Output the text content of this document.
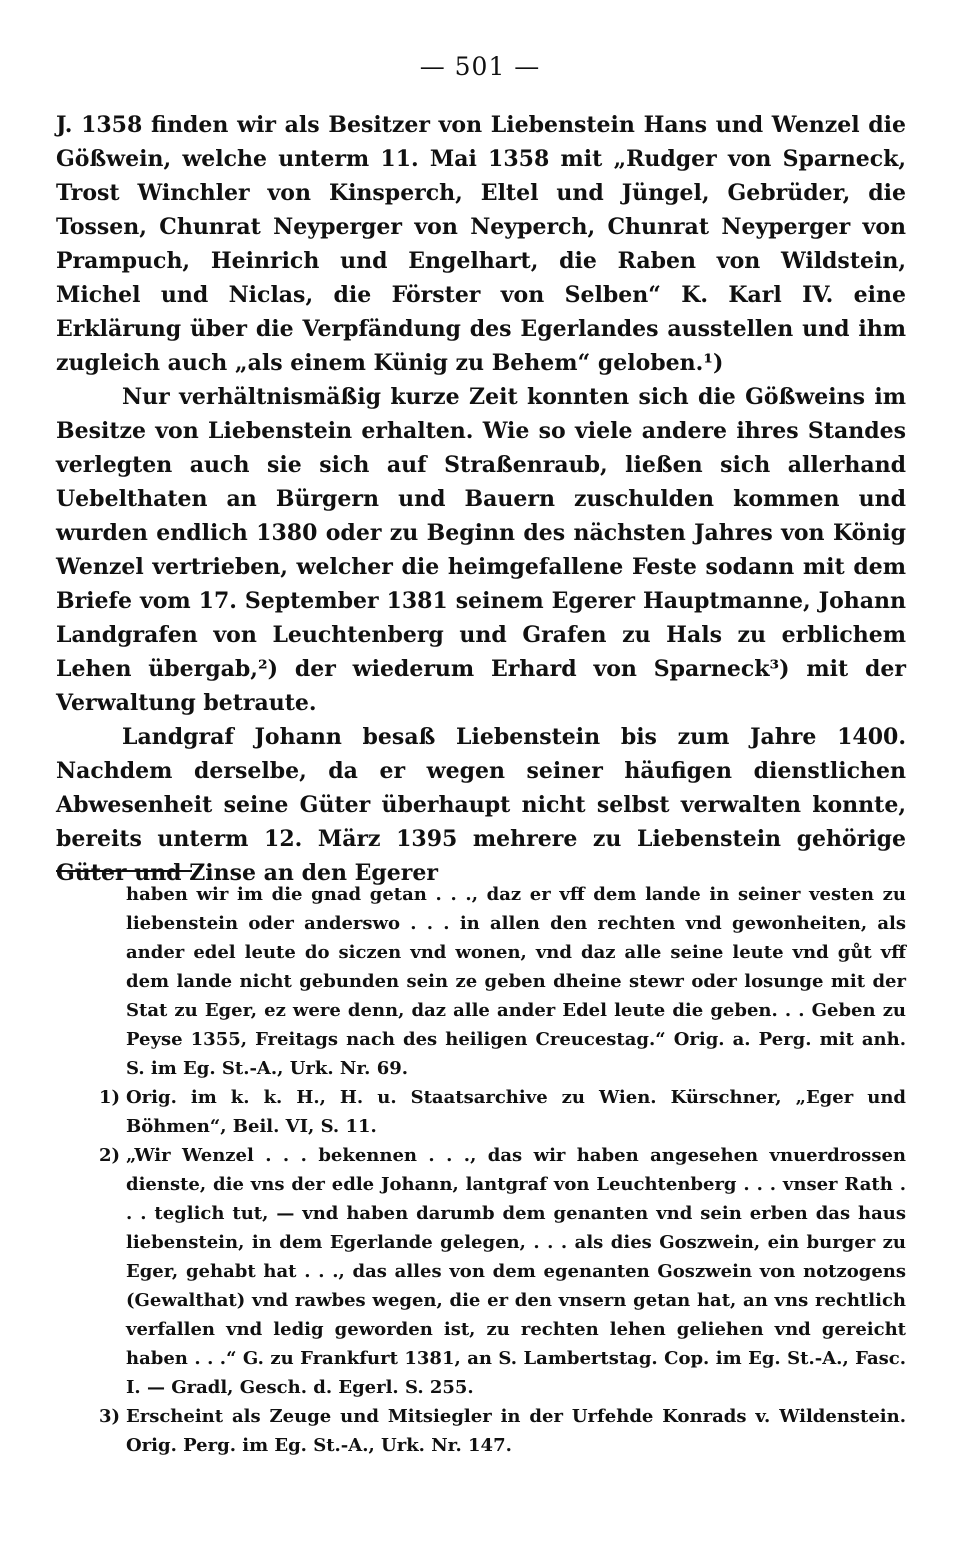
— 501 —

J. 1358 finden wir als Besitzer von Liebenstein Hans und Wenzel die Gößwein, welche unterm 11. Mai 1358 mit „Rudger von Sparneck, Trost Winchler von Kinsperch, Eltel und Jüngel, Gebrüder, die Tossen, Chunrat Neyperger von Neyperch, Chunrat Neyperger von Prampuch, Heinrich und Engelhart, die Raben von Wildstein, Michel und Niclas, die Förster von Selben“ K. Karl IV. eine Erklärung über die Verpfändung des Egerlandes ausstellen und ihm zugleich auch „als einem Künig zu Behem“ geloben.¹)

Nur verhältnismäßig kurze Zeit konnten sich die Gößweins im Besitze von Liebenstein erhalten. Wie so viele andere ihres Standes verlegten auch sie sich auf Straßenraub, ließen sich allerhand Uebelthaten an Bürgern und Bauern zuschulden kommen und wurden endlich 1380 oder zu Beginn des nächsten Jahres von König Wenzel vertrieben, welcher die heimgefallene Feste sodann mit dem Briefe vom 17. September 1381 seinem Egerer Hauptmanne, Johann Landgrafen von Leuchtenberg und Grafen zu Hals zu erblichem Lehen übergab,²) der wiederum Erhard von Sparneck³) mit der Verwaltung betraute.

Landgraf Johann besaß Liebenstein bis zum Jahre 1400. Nachdem derselbe, da er wegen seiner häufigen dienstlichen Abwesenheit seine Güter überhaupt nicht selbst verwalten konnte, bereits unterm 12. März 1395 mehrere zu Liebenstein gehörige Güter und Zinse an den Egerer

haben wir im die gnad getan . . ., daz er vff dem lande in seiner vesten zu liebenstein oder anderswo . . . in allen den rechten vnd gewonheiten, als ander edel leute do siczen vnd wonen, vnd daz alle seine leute vnd gůt vff dem lande nicht gebunden sein ze geben dheine stewr oder losunge mit der Stat zu Eger, ez were denn, daz alle ander Edel leute die geben. . . Geben zu Peyse 1355, Freitags nach des heiligen Creucestag.“ Orig. a. Perg. mit anh. S. im Eg. St.-A., Urk. Nr. 69.

1) Orig. im k. k. H., H. u. Staatsarchive zu Wien. Kürschner, „Eger und Böhmen“, Beil. VI, S. 11.
2) „Wir Wenzel . . . bekennen . . ., das wir haben angesehen vnuerdrossen dienste, die vns der edle Johann, lantgraf von Leuchtenberg . . . vnser Rath . . . teglich tut, — vnd haben darumb dem genanten vnd sein erben das haus liebenstein, in dem Egerlande gelegen, . . . als dies Goszwein, ein burger zu Eger, gehabt hat . . ., das alles von dem egenanten Goszwein von notzogens (Gewalthat) vnd rawbes wegen, die er den vnsern getan hat, an vns rechtlich verfallen vnd ledig geworden ist, zu rechten lehen geliehen vnd gereicht haben . . .“ G. zu Frankfurt 1381, an S. Lambertstag. Cop. im Eg. St.-A., Fasc. I. — Gradl, Gesch. d. Egerl. S. 255.
3) Erscheint als Zeuge und Mitsiegler in der Urfehde Konrads v. Wildenstein. Orig. Perg. im Eg. St.-A., Urk. Nr. 147.
